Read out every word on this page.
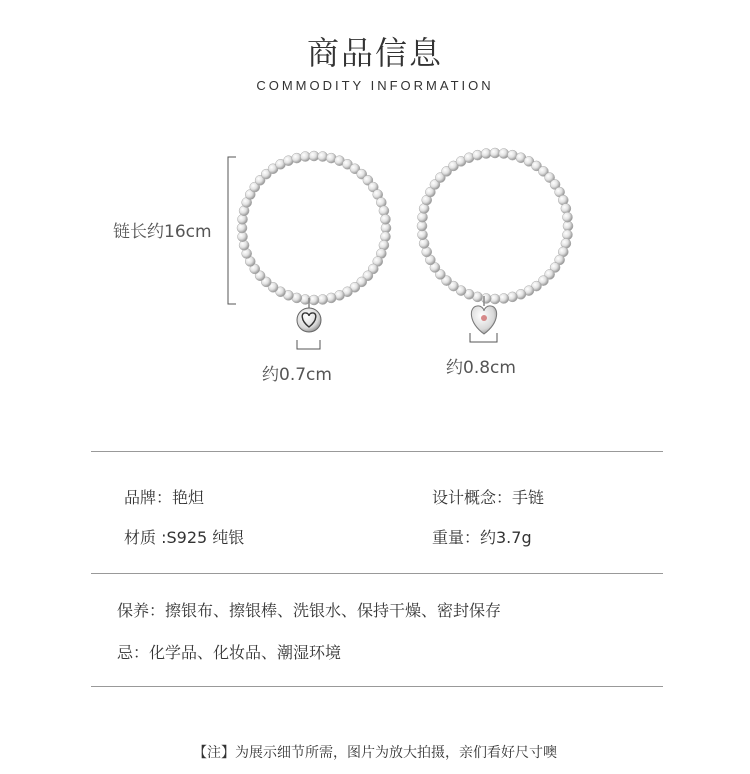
商品信息
COMMODITY INFORMATION
链长约16cm
约0.7cm	约0.8cm
品牌：艳炟	设计概念：手链
材质 :S925 纯银	重量：约3.7g
保养：擦银布、擦银棒、洗银水、保持干燥、密封保存
忌：化学品、化妆品、潮湿环境
【注】为展示细节所需，图片为放大拍摄，亲们看好尺寸噢
